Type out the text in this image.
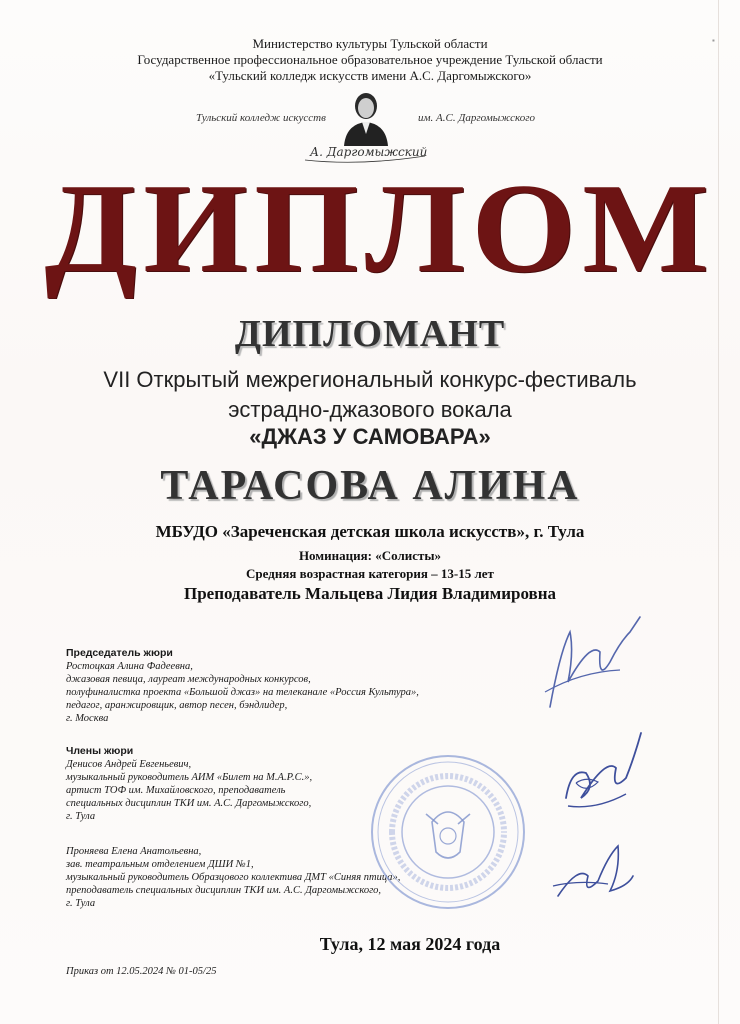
▪
Министерство культуры Тульской области
Государственное профессиональное образовательное учреждение Тульской области
«Тульский колледж искусств имени А.С. Даргомыжского»
Тульский колледж искусств	им. А.С. Даргомыжского
А. Даргомыжский
ДИПЛОМ
ДИПЛОМАНТ
VII Открытый межрегиональный конкурс-фестиваль
эстрадно-джазового вокала
«ДЖАЗ У САМОВАРА»
ТАРАСОВА АЛИНА
МБУДО «Зареченская детская школа искусств», г. Тула
Номинация: «Солисты»
Средняя возрастная категория – 13-15 лет
Преподаватель Мальцева Лидия Владимировна
Председатель жюри
Ростоцкая Алина Фадеевна,
джазовая певица, лауреат международных конкурсов,
полуфиналистка проекта «Большой джаз» на телеканале «Россия Культура»,
педагог, аранжировщик, автор песен, бэндлидер,
г. Москва
Члены жюри
Денисов Андрей Евгеньевич,
музыкальный руководитель АИМ «Билет на М.А.Р.С.»,
артист ТОФ им. Михайловского, преподаватель
специальных дисциплин ТКИ им. А.С. Даргомыжского,
г. Тула
Проняева Елена Анатольевна,
зав. театральным отделением ДШИ №1,
музыкальный руководитель Образцового коллектива ДМТ «Синяя птица»,
преподаватель специальных дисциплин ТКИ им. А.С. Даргомыжского,
г. Тула
Тула, 12 мая 2024 года
Приказ от 12.05.2024 № 01-05/25
